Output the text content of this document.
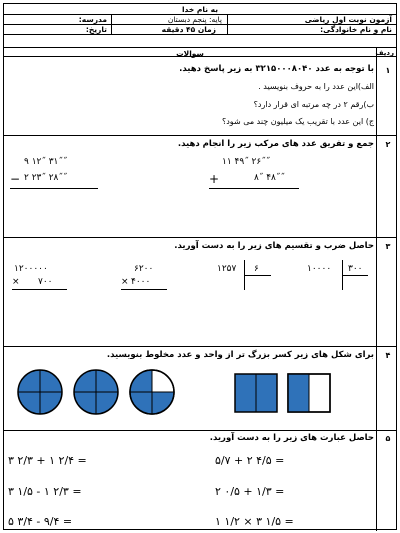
به نام خدا
آزمون نوبت اول ریاضی
پایه: پنجم دبستان
مدرسه:
نام و نام خانوادگی:
زمان ۴۵ دقیقه
تاریخ:
ردیف
سوالات
۱
با توجه به عدد ۳۲۱۵۰۰۰۸۰۴۰ به زیر پاسخ دهید.
الف)این عدد را به حروف بنویسید .
ب)رقم ۲ در چه مرتبه ای قرار دارد؟
ج) این عدد با تقریب یک میلیون چند می شود؟
۲
جمع و تفریق عدد های مرکب زیر را انجام دهید.
۹ ۱۲˝ ۳۱˝˝
− ۲ ۲۳˝ ۲۸˝˝
۱۱ ۴۹˝ ۲۶˝˝
+	۸˝ ۴۸˝˝
۳
حاصل ضرب و تقسیم های زیر را به دست آورید.
۱۲۰۰۰۰۰
× ۷۰۰
۶۲۰۰
× ۴۰۰۰
۱۲۵۷ ۶	۱۰۰۰۰ ۳۰۰
۴
برای شکل های زیر کسر بزرگ تر از واحد و عدد مخلوط بنویسید.
۵
حاصل عبارت های زیر را به دست آورید.
۳ ۲/۳ + ۱ ۲/۴ =
۳ ۱/۵ - ۱ ۲/۳ =
۵ ۳/۴ - ۹/۴ =
۵/۷ + ۲ ۴/۵ =
۲ ۰/۵ + ۱/۳ =
۱ ۱/۲ × ۳ ۱/۵ =
